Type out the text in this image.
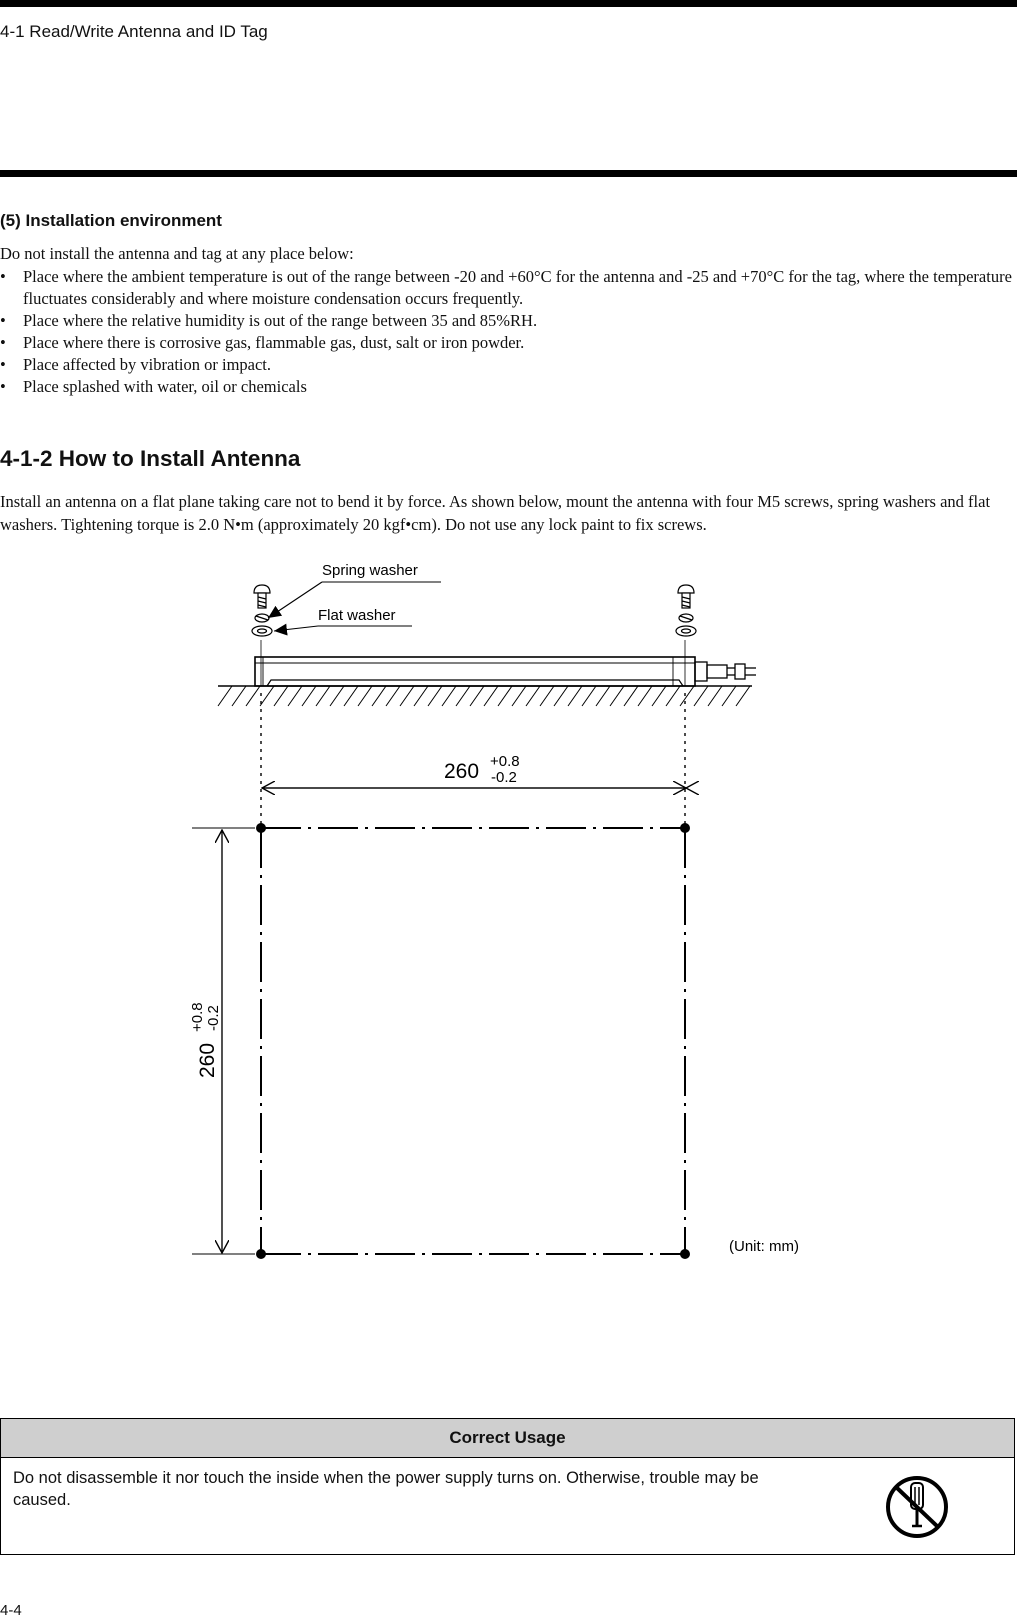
4-1 Read/Write Antenna and ID Tag
(5) Installation environment
Do not install the antenna and tag at any place below:
• Place where the ambient temperature is out of the range between -20 and +60°C for the antenna and -25 and +70°C for the tag, where the temperature fluctuates considerably and where moisture condensation occurs frequently.
• Place where the relative humidity is out of the range between 35 and 85%RH.
• Place where there is corrosive gas, flammable gas, dust, salt or iron powder.
• Place affected by vibration or impact.
• Place splashed with water, oil or chemicals
4-1-2 How to Install Antenna
Install an antenna on a flat plane taking care not to bend it by force. As shown below, mount the antenna with four M5 screws, spring washers and flat washers. Tightening torque is 2.0 N•m (approximately 20 kgf•cm). Do not use any lock paint to fix screws.
Spring washer
Flat washer
260 +0.8
-0.2
260
+0.8 -0.2
(Unit: mm)
Correct Usage
Do not disassemble it nor touch the inside when the power supply turns on. Otherwise, trouble may be caused.
4-4
